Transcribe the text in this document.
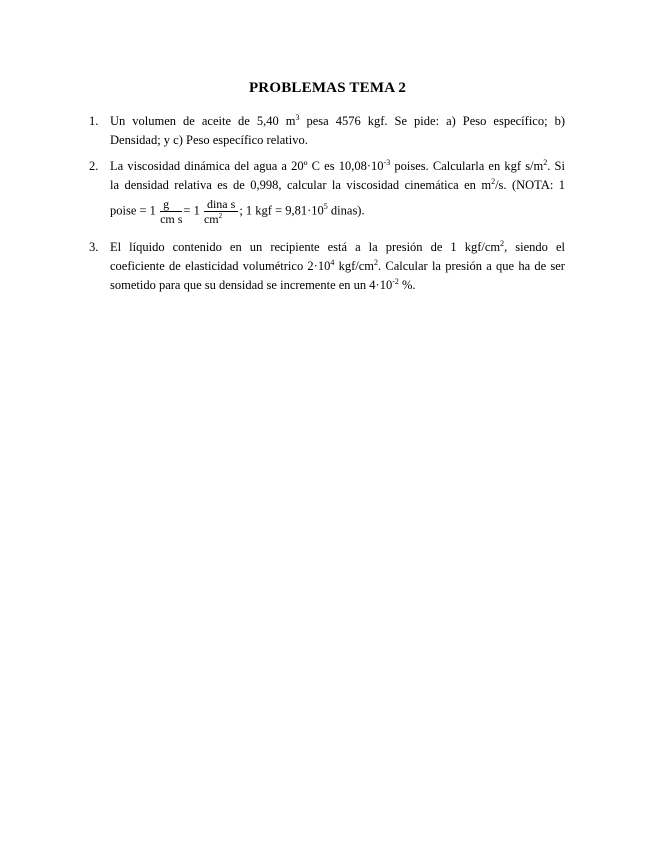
PROBLEMAS TEMA 2
1. Un volumen de aceite de 5,40 $m^3$ pesa 4576 kgf. Se pide: a) Peso específico; b)
Densidad; y c) Peso específico relativo.
2. La viscosidad dinámica del agua a 20º C es $10,08\cdot 10^{-3}$ poises. Calcularla en kgf $s/m^2$. Si
la densidad relativa es de 0,998, calcular la viscosidad cinemática en $m^2/s$. (NOTA: 1
poise = $1 \frac{g}{\text{cm s}} = 1 \frac{\text{dina s}}{cm^2}$ ; 1 kgf = $9,81\cdot 10^5$ dinas).
3. El líquido contenido en un recipiente está a la presión de 1 kgf/$cm^2$, siendo el
coeficiente de elasticidad volumétrico $2\cdot 10^4$ kgf/$cm^2$. Calcular la presión a que ha de ser
sometido para que su densidad se incremente en un $4\cdot 10^{-2}$ %.
